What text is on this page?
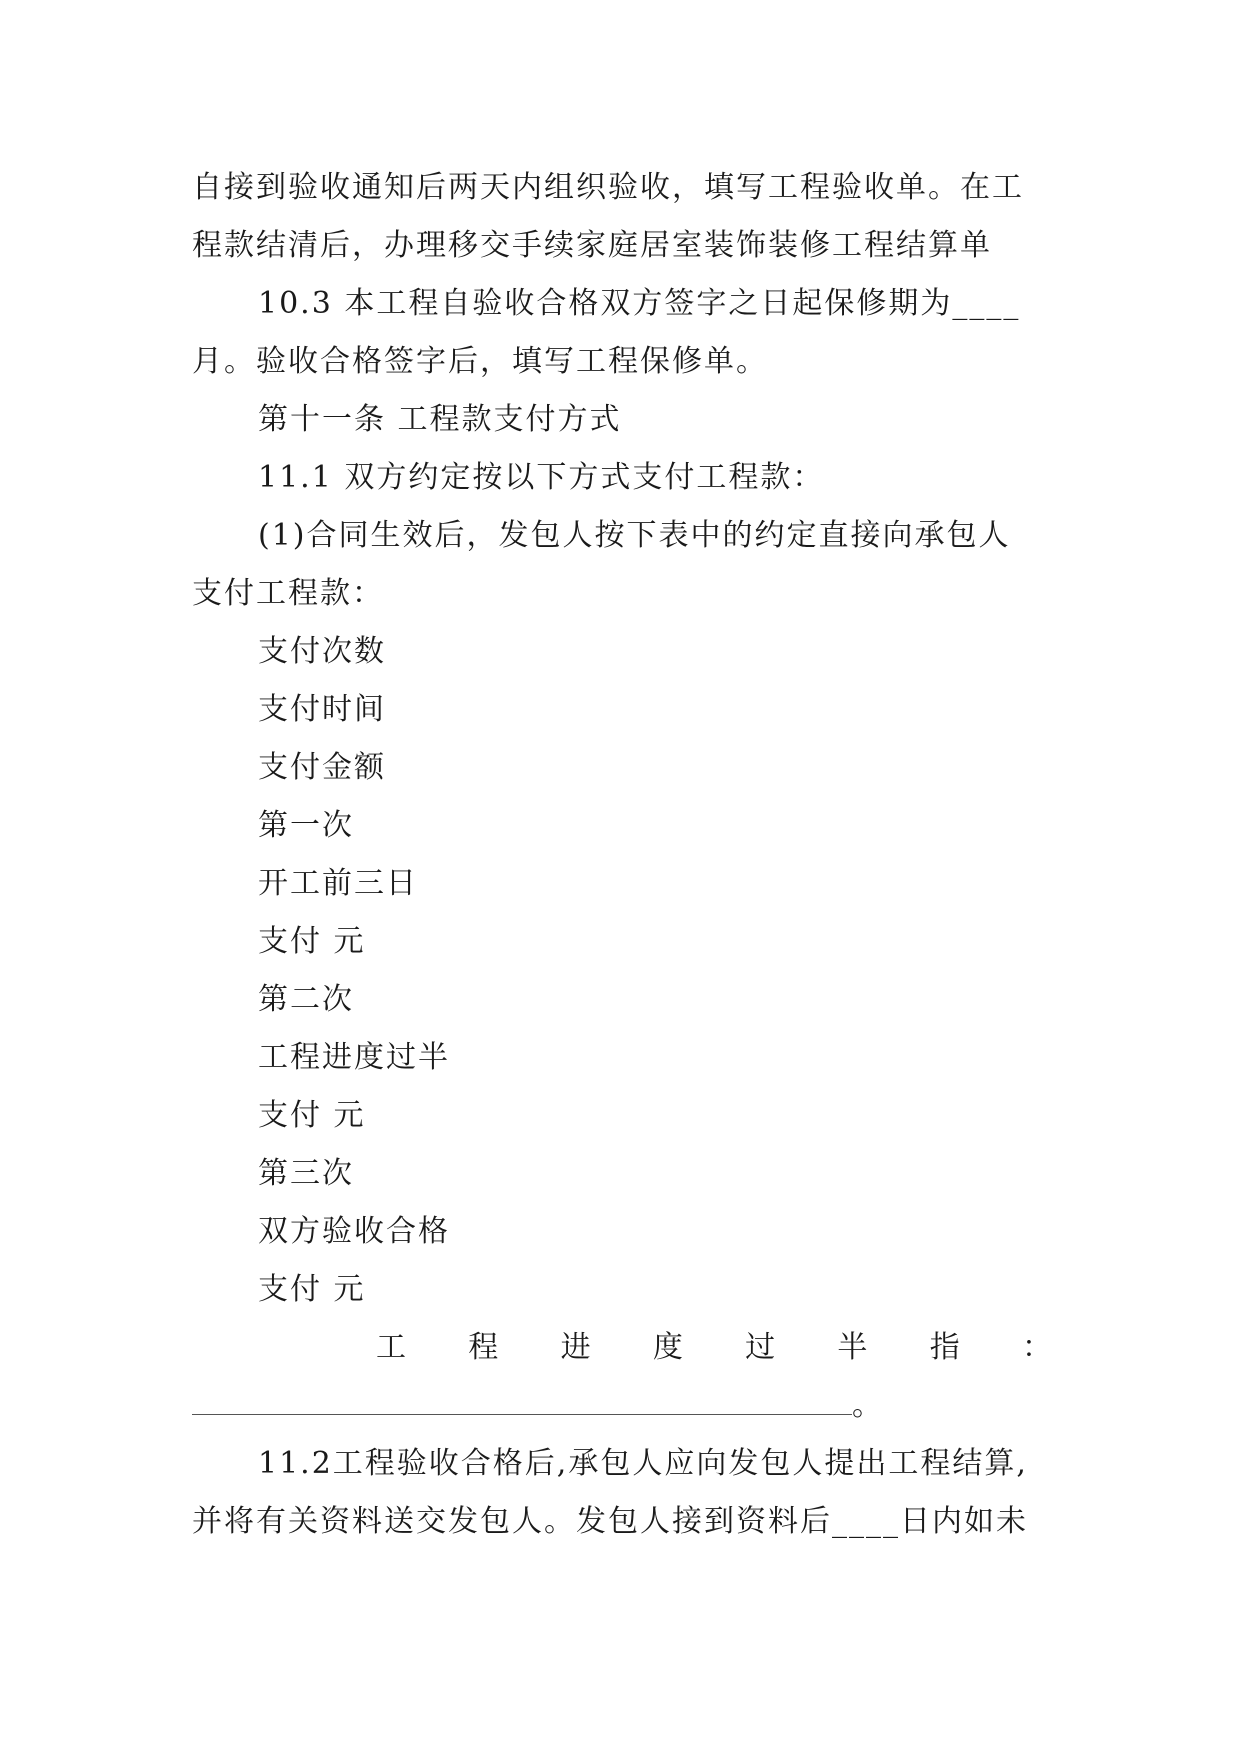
自接到验收通知后两天内组织验收，填写工程验收单。在工
程款结清后，办理移交手续家庭居室装饰装修工程结算单
10.3 本工程自验收合格双方签字之日起保修期为____
月。验收合格签字后，填写工程保修单。
第十一条 工程款支付方式
11.1 双方约定按以下方式支付工程款：
(1)合同生效后，发包人按下表中的约定直接向承包人
支付工程款：
支付次数
支付时间
支付金额
第一次
开工前三日
支付 元
第二次
工程进度过半
支付 元
第三次
双方验收合格
支付 元
工 程 进 度 过 半 指 ：
。
11.2工程验收合格后,承包人应向发包人提出工程结算,
并将有关资料送交发包人。发包人接到资料后____日内如未
